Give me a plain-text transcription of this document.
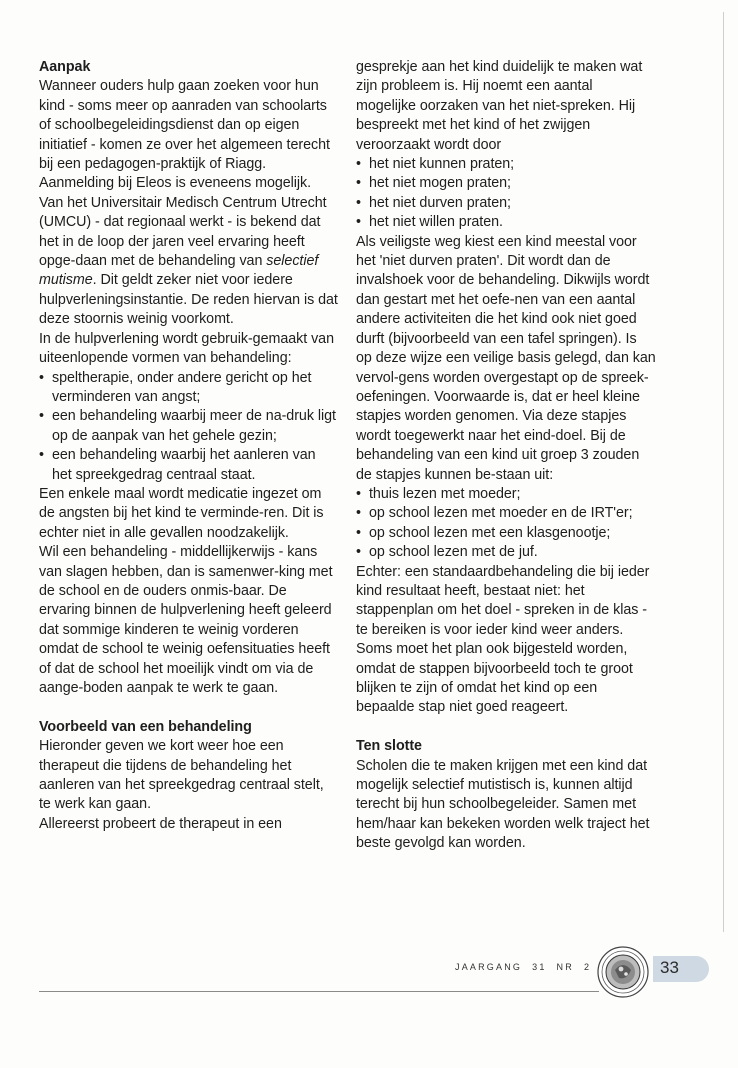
Aanpak

Wanneer ouders hulp gaan zoeken voor hun kind - soms meer op aanraden van schoolarts of schoolbegeleidingsdienst dan op eigen initiatief - komen ze over het algemeen terecht bij een pedagogen-praktijk of Riagg. Aanmelding bij Eleos is eveneens mogelijk. Van het Universitair Medisch Centrum Utrecht (UMCU) - dat regionaal werkt - is bekend dat het in de loop der jaren veel ervaring heeft opge-daan met de behandeling van selectief mutisme. Dit geldt zeker niet voor iedere hulpverleningsinstantie. De reden hiervan is dat deze stoornis weinig voorkomt.

In de hulpverlening wordt gebruik-gemaakt van uiteenlopende vormen van behandeling:

• speltherapie, onder andere gericht op het verminderen van angst;
• een behandeling waarbij meer de na-druk ligt op de aanpak van het gehele gezin;
• een behandeling waarbij het aanleren van het spreekgedrag centraal staat.

Een enkele maal wordt medicatie ingezet om de angsten bij het kind te verminde-ren. Dit is echter niet in alle gevallen noodzakelijk.

Wil een behandeling - middellijkerwijs - kans van slagen hebben, dan is samenwer-king met de school en de ouders onmis-baar. De ervaring binnen de hulpverlening heeft geleerd dat sommige kinderen te weinig vorderen omdat de school te weinig oefensituaties heeft of dat de school het moeilijk vindt om via de aange-boden aanpak te werk te gaan.

Voorbeeld van een behandeling

Hieronder geven we kort weer hoe een therapeut die tijdens de behandeling het aanleren van het spreekgedrag centraal stelt, te werk kan gaan.

Allereerst probeert de therapeut in een

gesprekje aan het kind duidelijk te maken wat zijn probleem is. Hij noemt een aantal mogelijke oorzaken van het niet-spreken. Hij bespreekt met het kind of het zwijgen veroorzaakt wordt door

• het niet kunnen praten;
• het niet mogen praten;
• het niet durven praten;
• het niet willen praten.

Als veiligste weg kiest een kind meestal voor het 'niet durven praten'. Dit wordt dan de invalshoek voor de behandeling. Dikwijls wordt dan gestart met het oefe-nen van een aantal andere activiteiten die het kind ook niet goed durft (bijvoorbeeld van een tafel springen). Is op deze wijze een veilige basis gelegd, dan kan vervol-gens worden overgestapt op de spreek-oefeningen. Voorwaarde is, dat er heel kleine stapjes worden genomen. Via deze stapjes wordt toegewerkt naar het eind-doel. Bij de behandeling van een kind uit groep 3 zouden de stapjes kunnen be-staan uit:

• thuis lezen met moeder;
• op school lezen met moeder en de IRT'er;
• op school lezen met een klasgenootje;
• op school lezen met de juf.

Echter: een standaardbehandeling die bij ieder kind resultaat heeft, bestaat niet: het stappenplan om het doel - spreken in de klas - te bereiken is voor ieder kind weer anders. Soms moet het plan ook bijgesteld worden, omdat de stappen bijvoorbeeld toch te groot blijken te zijn of omdat het kind op een bepaalde stap niet goed reageert.

Ten slotte

Scholen die te maken krijgen met een kind dat mogelijk selectief mutistisch is, kunnen altijd terecht bij hun schoolbegeleider. Samen met hem/haar kan bekeken worden welk traject het beste gevolgd kan worden.

JAARGANG 31 NR 2	33
